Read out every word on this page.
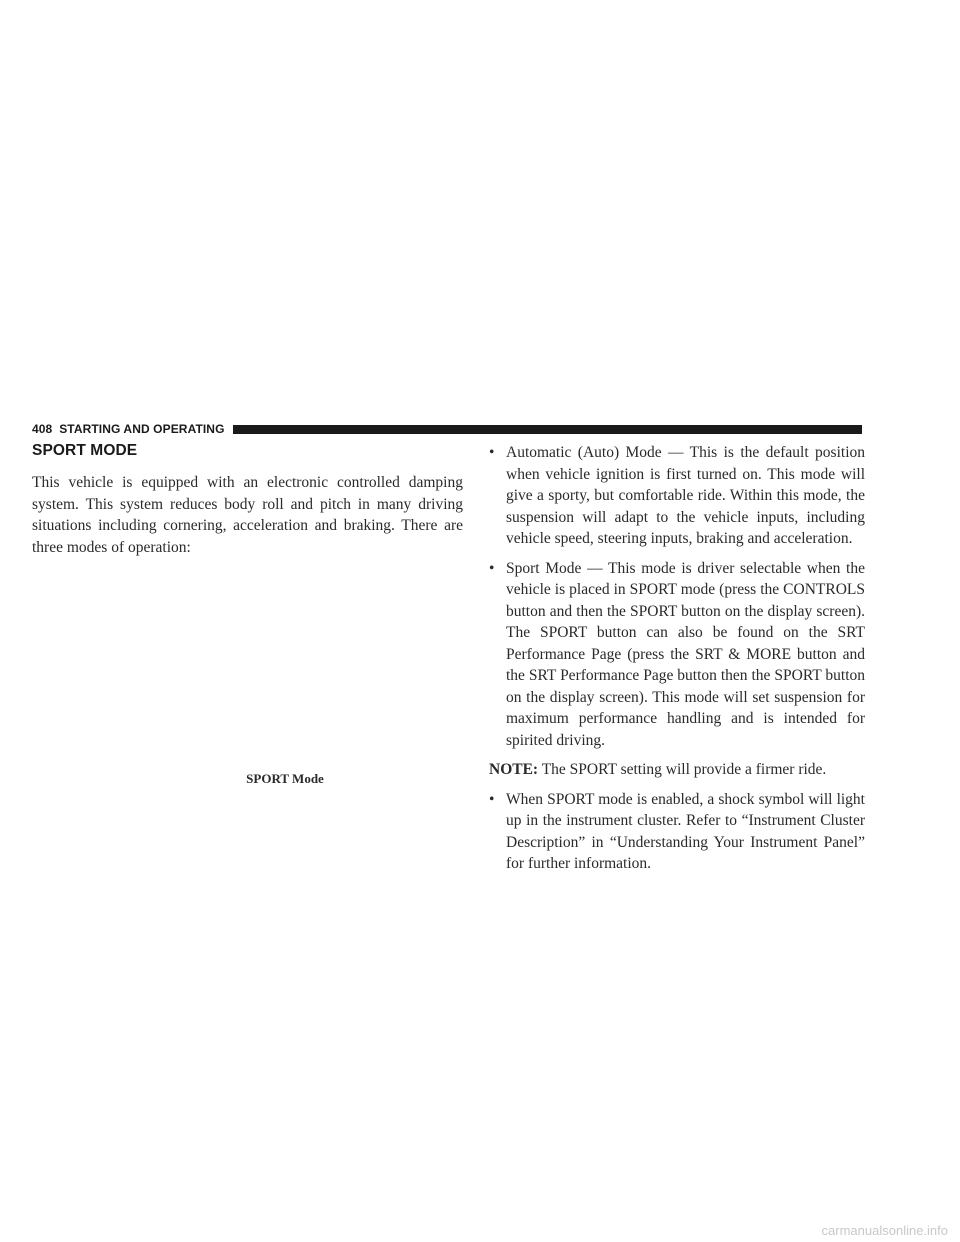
408 STARTING AND OPERATING
SPORT MODE

This vehicle is equipped with an electronic controlled damping system. This system reduces body roll and pitch in many driving situations including cornering, acceleration and braking. There are three modes of operation:

SPORT Mode
• Automatic (Auto) Mode — This is the default position when vehicle ignition is first turned on. This mode will give a sporty, but comfortable ride. Within this mode, the suspension will adapt to the vehicle inputs, including vehicle speed, steering inputs, braking and acceleration.
• Sport Mode — This mode is driver selectable when the vehicle is placed in SPORT mode (press the CONTROLS button and then the SPORT button on the display screen). The SPORT button can also be found on the SRT Performance Page (press the SRT & MORE button and the SRT Performance Page button then the SPORT button on the display screen). This mode will set suspension for maximum performance handling and is intended for spirited driving.

NOTE: The SPORT setting will provide a firmer ride.

• When SPORT mode is enabled, a shock symbol will light up in the instrument cluster. Refer to “Instrument Cluster Description” in “Understanding Your Instrument Panel” for further information.
carmanualsonline.info
